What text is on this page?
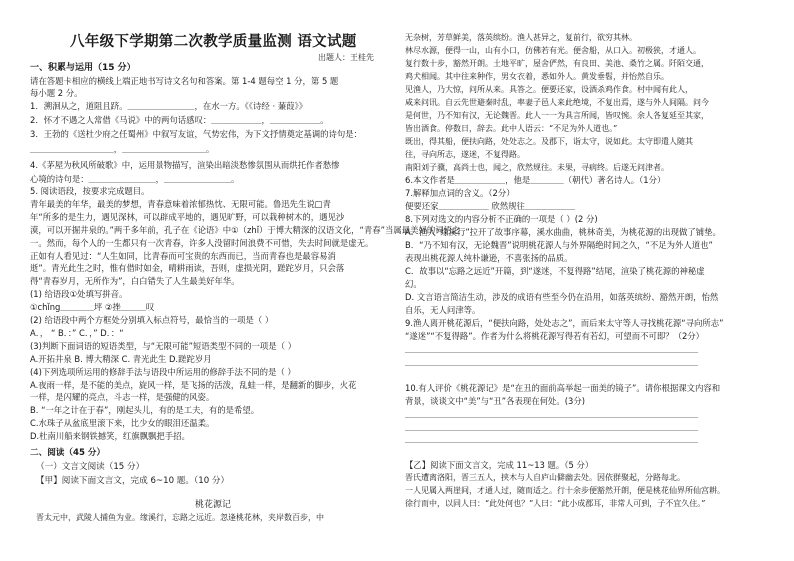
八年级下学期第二次教学质量监测 语文试题
出题人：王桂先
一、积累与运用（15 分）
请在答题卡相应的横线上端正地书写诗文名句和答案。第 1-4 题每空 1 分，第 5 题
每小题 2 分。
1．溯洄从之，道阻且跻。＿＿＿＿＿＿＿＿，在水一方。《《诗经 · 蒹葭》》
2．怀才不遇之人常借《马说》中的两句话感叹：＿＿＿＿＿＿，＿＿＿＿＿＿。
3．王勃的《送杜少府之任蜀州》中叙写友谊，气势宏伟，为下文抒情奠定基调的诗句是：
＿＿＿＿＿＿＿＿＿＿，＿＿＿＿＿＿＿＿＿＿。
4.《茅屋为秋风所破歌》中，运用景物描写，渲染出暗淡愁惨氛围从而烘托作者愁惨
心境的诗句是：＿＿＿＿＿＿＿＿，＿＿＿＿＿＿＿＿。
5. 阅读语段，按要求完成题目。
青年最美的年华，最美的梦想，青春意味着浓郁热忱、无限可能。鲁迅先生说□青
年“所多的是生力，遇见深林，可以辟成平地的，遇见旷野，可以栽种树木的，遇见沙
漠，可以开掘井泉的。”两千多年前，孔子在《论语》中①（zhǐ）于博大精深的汉语文化，“青春”当属最美好的词语之
一。然而，每个人的一生都只有一次青春，许多人没留时间浪费不可惜，失去时间就是虚无。
正如有人看见过：“人生如同，比青春而可宝贵的东西而已，当而青春也是最容易消
逝”。青光此生之时，惟有借时如金，晴耕雨读，吾则，虚损光阴，蹉跎岁月，只会落
得“青春岁月，无所作为”，白白错失了人生最美好年华。
(1) 给语段①处填写拼音。
①chǐng＿＿＿＿坪 ②挫＿＿＿叹
(2) 给语段中两个方框处分别填入标点符号，最恰当的一项是（ ）
A．， “ B．：” C．，” D．：“
(3)判断下面词语的短语类型，与“无限可能”短语类型不同的一项是（ ）
A.开拓井泉 B. 博大精深 C. 青光此生 D.蹉跎岁月
(4)下列选项所运用的修辞手法与语段中所运用的修辞手法不同的是（ ）
A.夜雨一样，是不能的美点，旋风一样，是飞扬的活泼，乱蛙一样，是翻新的脚步，火花
一样，是闪耀的亮点，斗志一样，是强健的风姿。
B. “一年之计在于春”，刚起头儿，有的是工夫，有的是希望。
C.水珠子从盆底里滚下来，比少女的眼泪还温柔。
D.杜南川船来钢铁撼笑，红旗飘飘把手招。
无杂树，芳草鲜美，落英缤纷。渔人甚异之，复前行，欲穷其林。
林尽水源，便得一山，山有小口，仿佛若有光。便舍船，从口入。初极狭，才通人。
复行数十步，豁然开朗。土地平旷，屋舍俨然，有良田、美池、桑竹之属。阡陌交通，
鸡犬相闻。其中往来种作，男女衣着，悉如外人。黄发垂髫，并怡然自乐。
见渔人，乃大惊，问所从来。具答之。便要还家，设酒杀鸡作食。村中闻有此人，
咸来问讯。自云先世避秦时乱，率妻子邑人来此绝境，不复出焉，遂与外人间隔。问今
是何世，乃不知有汉，无论魏晋。此人一一为具言所闻，皆叹惋。余人各复延至其家，
皆出酒食。停数日，辞去。此中人语云：“不足为外人道也。”
既出，得其船，便扶向路，处处志之。及郡下，诣太守，说如此。太守即遣人随其
往，寻向所志，遂迷，不复得路。
南阳刘子骥，高尚士也，闻之，欣然规往。未果，寻病终。后遂无问津者。
6.本文作者是＿＿＿＿＿＿，他是＿＿＿＿（朝代）著名诗人。（1分）
7.解释加点词的含义。（2分）
便要还家＿＿＿＿＿＿ 欣然规往＿＿＿＿＿＿
8.下列对选文的内容分析不正确的一项是（ ）(2 分)
A．渔人“缘溪行”拉开了故事序幕，溪水曲曲，桃林奇美，为桃花源的出现做了铺垫。
B．“乃不知有汉，无论魏晋”说明桃花源人与外界隔绝时间之久，“不足为外人道也”
表现出桃花源人纯朴谦逊，不喜张扬的品质。
C．故事以“忘路之远近”开篇，到“遂迷，不复得路”结尾，渲染了桃花源的神秘虚
幻。
D. 文言语言简洁生动，涉及的成语有些至今仍在沿用，如落英缤纷、豁然开朗，怡然
自乐，无人问津等。
9.渔人离开桃花源后，“便扶向路，处处志之”，而后来太守等人寻找桃花源“寻向所志”
“遂迷”“不复得路”。作者为什么将桃花源写得若有若幻，可望而不可即？（2分）
＿＿＿＿＿＿＿＿＿＿＿＿＿＿＿＿＿＿＿＿＿＿＿＿＿＿＿＿＿＿＿＿＿＿＿
＿＿＿＿＿＿＿＿＿＿＿＿＿＿＿＿＿＿＿＿＿＿＿＿＿＿＿＿＿＿＿＿＿＿＿
10.有人评价《桃花源记》是“在丑的面前高举起一面美的镜子”。请你根据课文内容和
背景，谈谈文中“美”与“丑”各表现在何处。(3分)
＿＿＿＿＿＿＿＿＿＿＿＿＿＿＿＿＿＿＿＿＿＿＿＿＿＿＿＿＿＿＿＿＿＿＿
＿＿＿＿＿＿＿＿＿＿＿＿＿＿＿＿＿＿＿＿＿＿＿＿＿＿＿＿＿＿＿＿＿＿＿
＿＿＿＿＿＿＿＿＿＿＿＿＿＿＿＿＿＿＿＿＿＿＿＿＿＿＿＿＿＿＿＿＿＿＿
【乙】阅读下面文言文，完成 11~13 题。（5 分）
晋氏遭离洛阳，晋三五人，挟木与人自庐山僻幽去处。因依群聚起，分路每北。
一人见属入两崖间，才通人过，随而适之。行十余步便豁然开朗，便是桃花仙界所仙宫耕。
徐行而中，以同人曰：“此处何也？”人曰：“此小成郡耳，非常人可到，子不宜久住。”
二、阅读（45 分）
（一）文言文阅读（15 分）
【甲】阅读下面文言文，完成 6~10 题。（10 分）
桃花源记
晋太元中，武陵人捕鱼为业。缘溪行，忘路之远近。忽逢桃花林，夹岸数百步，中
